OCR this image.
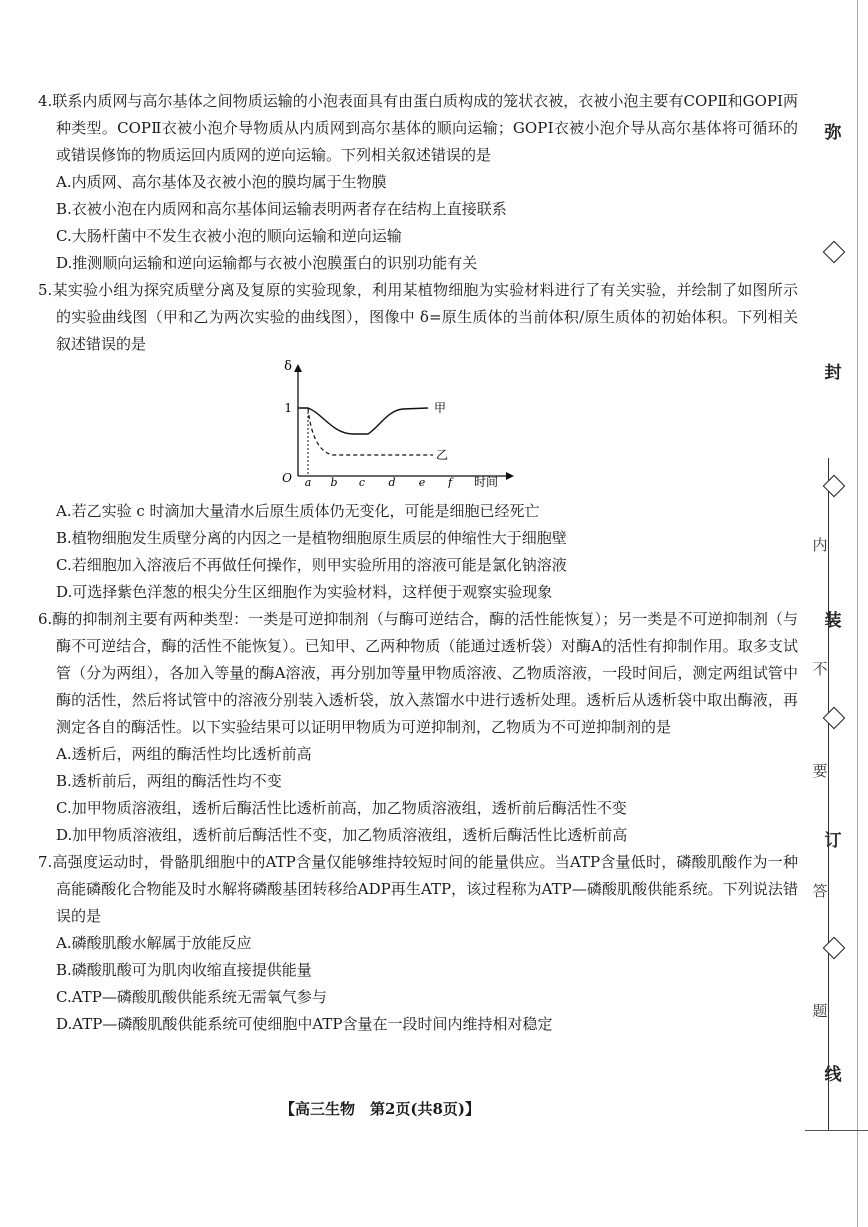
4.联系内质网与高尔基体之间物质运输的小泡表面具有由蛋白质构成的笼状衣被，衣被小泡主要有COPⅡ和GOPⅠ两种类型。COPⅡ衣被小泡介导物质从内质网到高尔基体的顺向运输；GOPⅠ衣被小泡介导从高尔基体将可循环的或错误修饰的物质运回内质网的逆向运输。下列相关叙述错误的是

A.内质网、高尔基体及衣被小泡的膜均属于生物膜

B.衣被小泡在内质网和高尔基体间运输表明两者存在结构上直接联系

C.大肠杆菌中不发生衣被小泡的顺向运输和逆向运输

D.推测顺向运输和逆向运输都与衣被小泡膜蛋白的识别功能有关

5.某实验小组为探究质壁分离及复原的实验现象，利用某植物细胞为实验材料进行了有关实验，并绘制了如图所示的实验曲线图（甲和乙为两次实验的曲线图），图像中 δ=原生质体的当前体积/原生质体的初始体积。下列相关叙述错误的是

δ
1
O
甲
乙
a b c d e f 时间

A.若乙实验 c 时滴加大量清水后原生质体仍无变化，可能是细胞已经死亡

B.植物细胞发生质壁分离的内因之一是植物细胞原生质层的伸缩性大于细胞壁

C.若细胞加入溶液后不再做任何操作，则甲实验所用的溶液可能是氯化钠溶液

D.可选择紫色洋葱的根尖分生区细胞作为实验材料，这样便于观察实验现象

6.酶的抑制剂主要有两种类型：一类是可逆抑制剂（与酶可逆结合，酶的活性能恢复）；另一类是不可逆抑制剂（与酶不可逆结合，酶的活性不能恢复）。已知甲、乙两种物质（能通过透析袋）对酶A的活性有抑制作用。取多支试管（分为两组），各加入等量的酶A溶液，再分别加等量甲物质溶液、乙物质溶液，一段时间后，测定两组试管中酶的活性，然后将试管中的溶液分别装入透析袋，放入蒸馏水中进行透析处理。透析后从透析袋中取出酶液，再测定各自的酶活性。以下实验结果可以证明甲物质为可逆抑制剂，乙物质为不可逆抑制剂的是

A.透析后，两组的酶活性均比透析前高

B.透析前后，两组的酶活性均不变

C.加甲物质溶液组，透析后酶活性比透析前高，加乙物质溶液组，透析前后酶活性不变

D.加甲物质溶液组，透析前后酶活性不变，加乙物质溶液组，透析后酶活性比透析前高

7.高强度运动时，骨骼肌细胞中的ATP含量仅能够维持较短时间的能量供应。当ATP含量低时，磷酸肌酸作为一种高能磷酸化合物能及时水解将磷酸基团转移给ADP再生ATP，该过程称为ATP—磷酸肌酸供能系统。下列说法错误的是

A.磷酸肌酸水解属于放能反应

B.磷酸肌酸可为肌肉收缩直接提供能量

C.ATP—磷酸肌酸供能系统无需氧气参与

D.ATP—磷酸肌酸供能系统可使细胞中ATP含量在一段时间内维持相对稳定

【高三生物　第2页(共8页)】
弥
封
内
装
不
要
订
答
题
线
